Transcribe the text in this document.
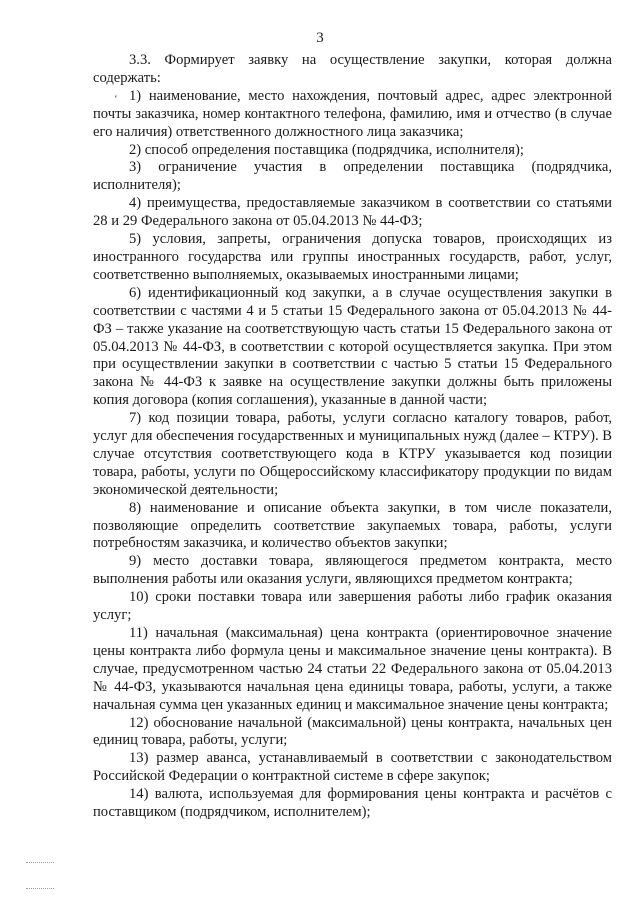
3
‘

3.3. Формирует заявку на осуществление закупки, которая должна содержать:

1) наименование, место нахождения, почтовый адрес, адрес электронной почты заказчика, номер контактного телефона, фамилию, имя и отчество (в случае его наличия) ответственного должностного лица заказчика;

2) способ определения поставщика (подрядчика, исполнителя);

3) ограничение участия в определении поставщика (подрядчика, исполнителя);

4) преимущества, предоставляемые заказчиком в соответствии со статьями 28 и 29 Федерального закона от 05.04.2013 № 44-ФЗ;

5) условия, запреты, ограничения допуска товаров, происходящих из иностранного государства или группы иностранных государств, работ, услуг, соответственно выполняемых, оказываемых иностранными лицами;

6) идентификационный код закупки, а в случае осуществления закупки в соответствии с частями 4 и 5 статьи 15 Федерального закона от 05.04.2013 № 44-ФЗ – также указание на соответствующую часть статьи 15 Федерального закона от 05.04.2013 № 44-ФЗ, в соответствии с которой осуществляется закупка. При этом при осуществлении закупки в соответствии с частью 5 статьи 15 Федерального закона № 44-ФЗ к заявке на осуществление закупки должны быть приложены копия договора (копия соглашения), указанные в данной части;

7) код позиции товара, работы, услуги согласно каталогу товаров, работ, услуг для обеспечения государственных и муниципальных нужд (далее – КТРУ). В случае отсутствия соответствующего кода в КТРУ указывается код позиции товара, работы, услуги по Общероссийскому классификатору продукции по видам экономической деятельности;

8) наименование и описание объекта закупки, в том числе показатели, позволяющие определить соответствие закупаемых товара, работы, услуги потребностям заказчика, и количество объектов закупки;

9) место доставки товара, являющегося предметом контракта, место выполнения работы или оказания услуги, являющихся предметом контракта;

10) сроки поставки товара или завершения работы либо график оказания услуг;

11) начальная (максимальная) цена контракта (ориентировочное значение цены контракта либо формула цены и максимальное значение цены контракта). В случае, предусмотренном частью 24 статьи 22 Федерального закона от 05.04.2013 № 44-ФЗ, указываются начальная цена единицы товара, работы, услуги, а также начальная сумма цен указанных единиц и максимальное значение цены контракта;

12) обоснование начальной (максимальной) цены контракта, начальных цен единиц товара, работы, услуги;

13) размер аванса, устанавливаемый в соответствии с законодательством Российской Федерации о контрактной системе в сфере закупок;

14) валюта, используемая для формирования цены контракта и расчётов с поставщиком (подрядчиком, исполнителем);
